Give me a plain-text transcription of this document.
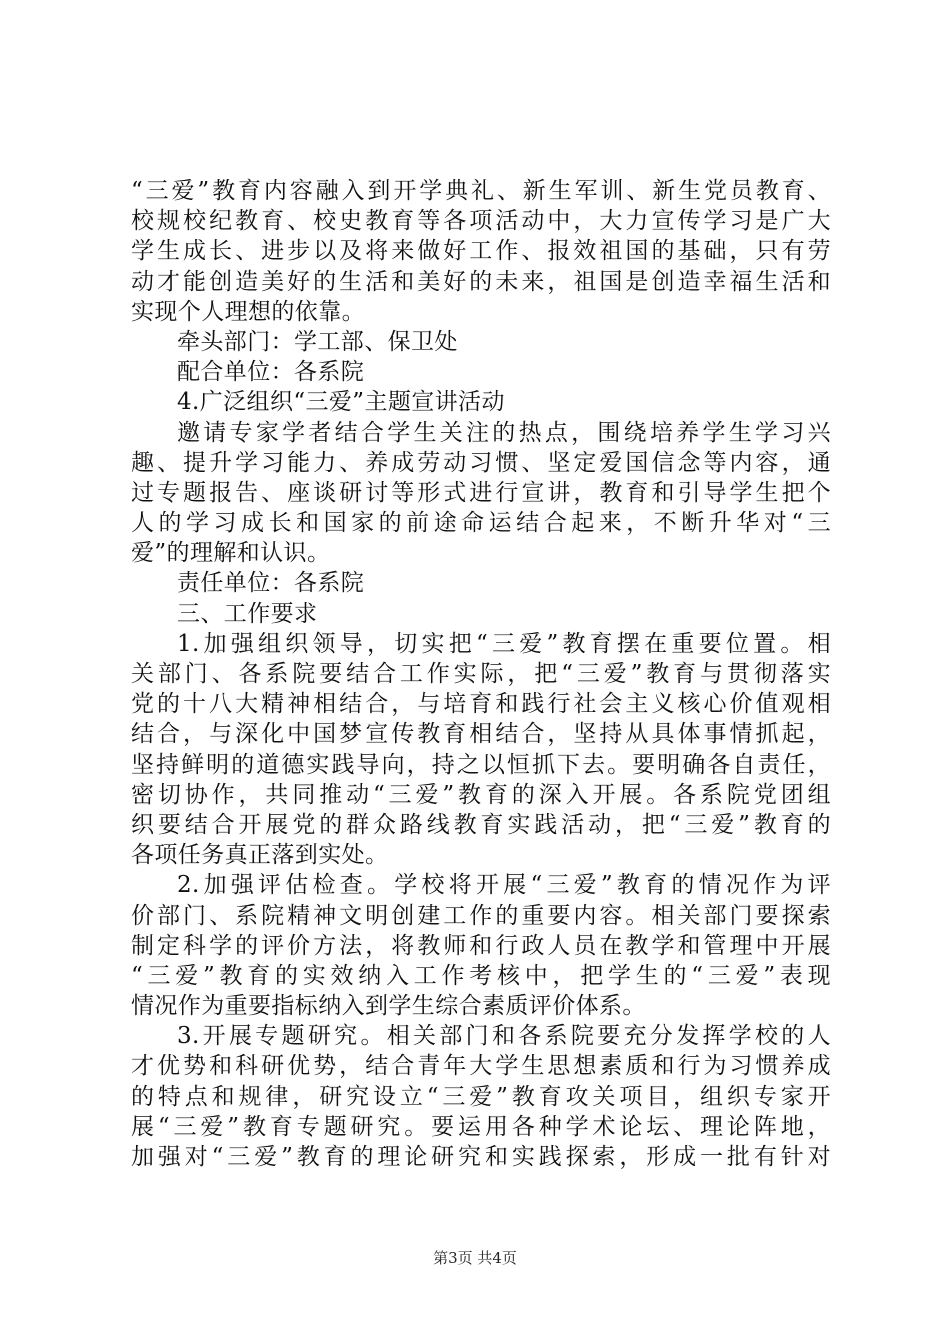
“三爱”教育内容融入到开学典礼、新生军训、新生党员教育、
校规校纪教育、校史教育等各项活动中，大力宣传学习是广大
学生成长、进步以及将来做好工作、报效祖国的基础，只有劳
动才能创造美好的生活和美好的未来，祖国是创造幸福生活和
实现个人理想的依靠。
牵头部门：学工部、保卫处
配合单位：各系院
4.广泛组织“三爱”主题宣讲活动
邀请专家学者结合学生关注的热点，围绕培养学生学习兴
趣、提升学习能力、养成劳动习惯、坚定爱国信念等内容，通
过专题报告、座谈研讨等形式进行宣讲，教育和引导学生把个
人的学习成长和国家的前途命运结合起来，不断升华对“三
爱”的理解和认识。
责任单位：各系院
三、工作要求
1.加强组织领导，切实把“三爱”教育摆在重要位置。相
关部门、各系院要结合工作实际，把“三爱”教育与贯彻落实
党的十八大精神相结合，与培育和践行社会主义核心价值观相
结合，与深化中国梦宣传教育相结合，坚持从具体事情抓起，
坚持鲜明的道德实践导向，持之以恒抓下去。要明确各自责任，
密切协作，共同推动“三爱”教育的深入开展。各系院党团组
织要结合开展党的群众路线教育实践活动，把“三爱”教育的
各项任务真正落到实处。
2.加强评估检查。学校将开展“三爱”教育的情况作为评
价部门、系院精神文明创建工作的重要内容。相关部门要探索
制定科学的评价方法，将教师和行政人员在教学和管理中开展
“三爱”教育的实效纳入工作考核中，把学生的“三爱”表现
情况作为重要指标纳入到学生综合素质评价体系。
3.开展专题研究。相关部门和各系院要充分发挥学校的人
才优势和科研优势，结合青年大学生思想素质和行为习惯养成
的特点和规律，研究设立“三爱”教育攻关项目，组织专家开
展“三爱”教育专题研究。要运用各种学术论坛、理论阵地，
加强对“三爱”教育的理论研究和实践探索，形成一批有针对
第3页 共4页
